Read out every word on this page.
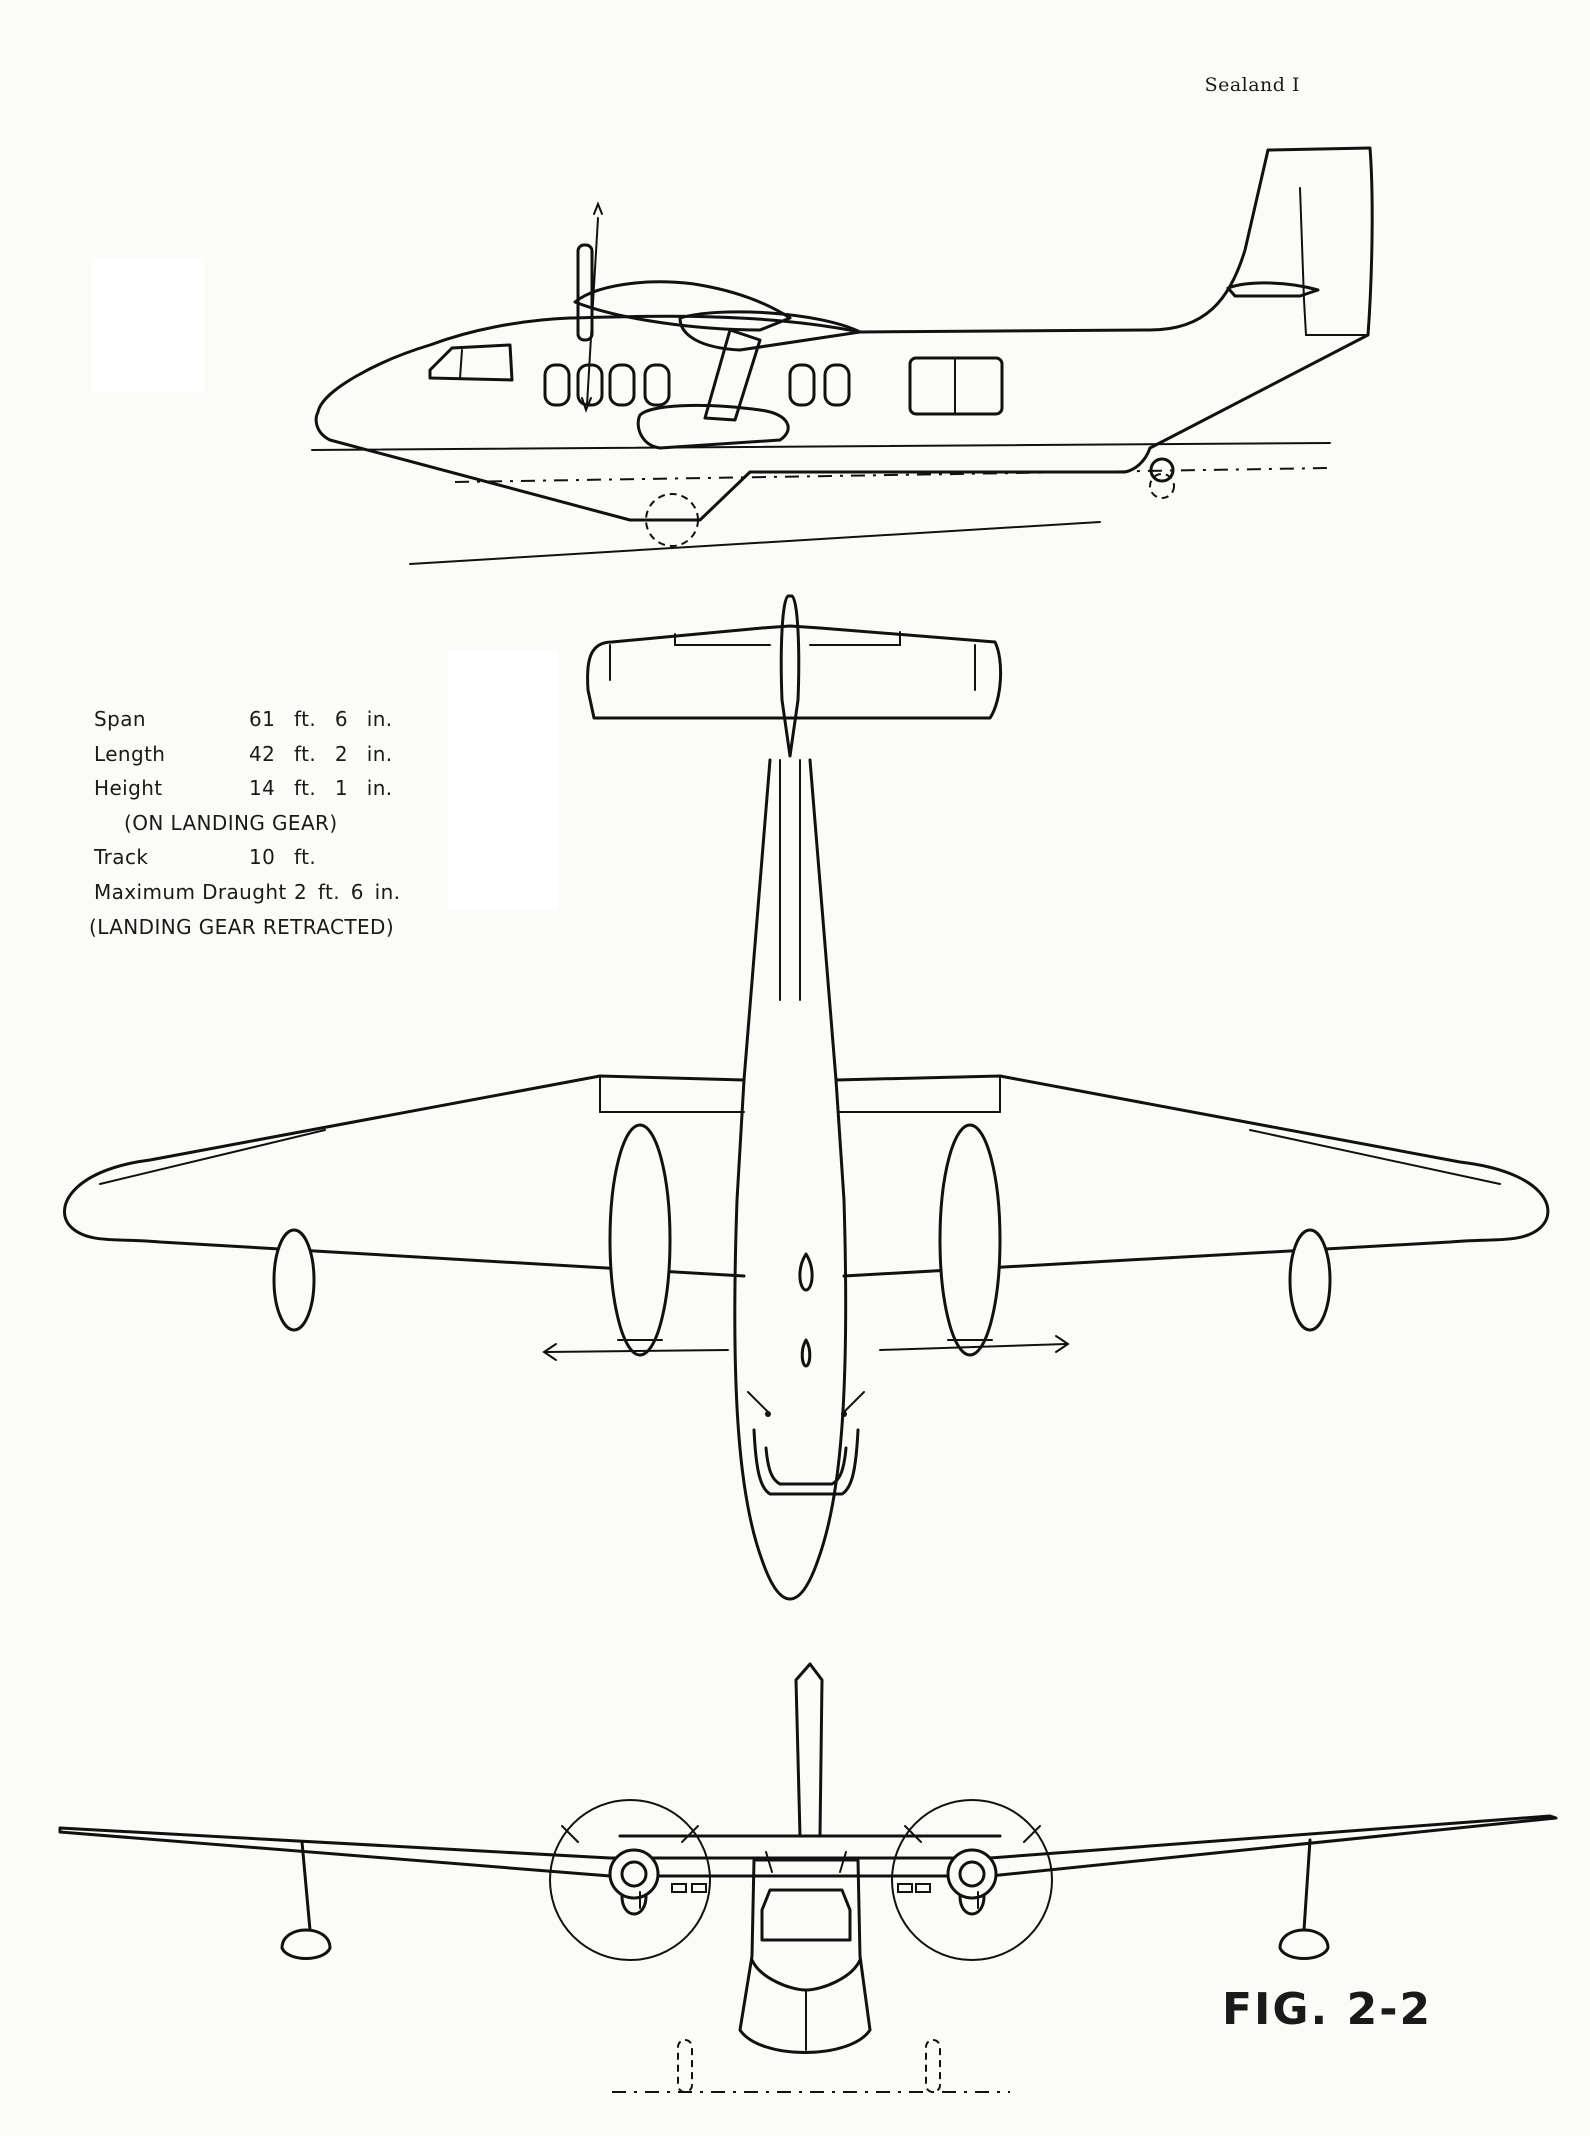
Sealand I
Span	61 ft. 6 in.
Length	42 ft. 2 in.
Height	14 ft. 1 in.
(ON LANDING GEAR)
Track	10 ft.
Maximum Draught 2 ft. 6 in.
(LANDING GEAR RETRACTED)
FIG. 2-2
